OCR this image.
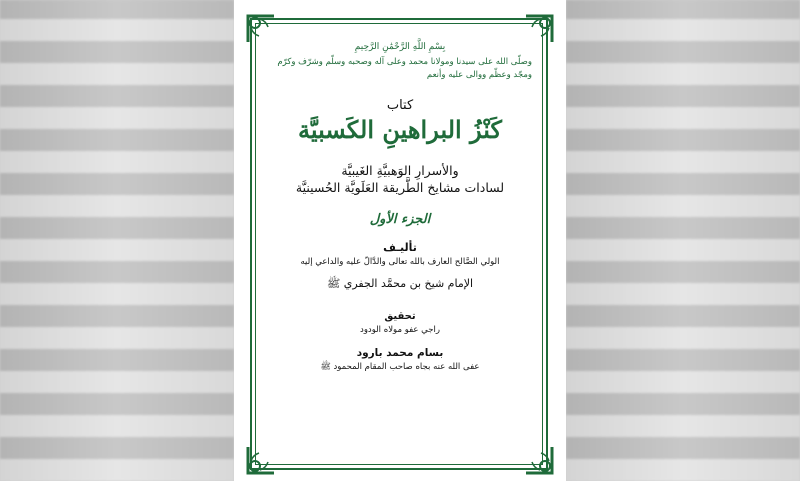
بِسْمِ اللَّهِ الرَّحْمَٰنِ الرَّحِيمِ
وصلّى الله على سيدنا ومولانا محمد وعلى آله وصحبه وسلّم وشرّف وكرّم ومجّد وعظّم ووالى عليه وأنعم
كتاب
كَنْزُ البراهينِ الكَسبيَّة
والأسرارِ الوَهبيَّةِ الغَيبيَّة
لسادات مشايخ الطَّريقة العَلَويَّة الحُسينيَّة
الجزء الأول
تأليـف
الولي الصَّالح العارف بالله تعالى والدَّالّ عليه والداعي إليه
الإمام شيخ بن محمَّد الجفري ﷺ
تحقيق
راجي عفو مولاه الودود
بسام محمد بارود
عفى الله عنه بجاه صاحب المقام المحمود ﷺ
